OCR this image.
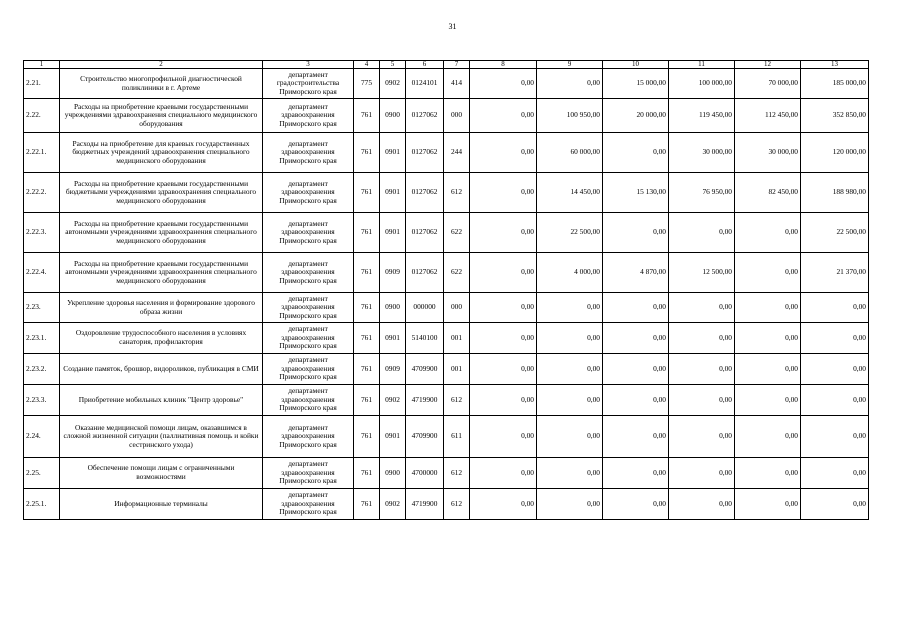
31
1	2	3	4	5	6	7	8	9	10	11	12	13
2.21.	Строительство многопрофильной диагностической поликлиники в г. Артеме	департамент градостроительства Приморского края	775	0902	0124101	414	0,00	0,00	15 000,00	100 000,00	70 000,00	185 000,00
2.22.	Расходы на приобретение краевыми государственными учреждениями здравоохранения специального медицинского оборудования	департамент здравоохранения Приморского края	761	0900	0127062	000	0,00	100 950,00	20 000,00	119 450,00	112 450,00	352 850,00
2.22.1.	Расходы на приобретение для краевых государственных бюджетных учреждений здравоохранения специального медицинского оборудования	департамент здравоохранения Приморского края	761	0901	0127062	244	0,00	60 000,00	0,00	30 000,00	30 000,00	120 000,00
2.22.2.	Расходы на приобретение краевыми государственными бюджетными учреждениями здравоохранения специального медицинского оборудования	департамент здравоохранения Приморского края	761	0901	0127062	612	0,00	14 450,00	15 130,00	76 950,00	82 450,00	188 980,00
2.22.3.	Расходы на приобретение краевыми государственными автономными учреждениями здравоохранения специального медицинского оборудования	департамент здравоохранения Приморского края	761	0901	0127062	622	0,00	22 500,00	0,00	0,00	0,00	22 500,00
2.22.4.	Расходы на приобретение краевыми государственными автономными учреждениями здравоохранения специального медицинского оборудования	департамент здравоохранения Приморского края	761	0909	0127062	622	0,00	4 000,00	4 870,00	12 500,00	0,00	21 370,00
2.23.	Укрепление здоровья населения и формирование здорового образа жизни	департамент здравоохранения Приморского края	761	0900	000000	000	0,00	0,00	0,00	0,00	0,00	0,00
2.23.1.	Оздоровление трудоспособного населения в условиях санатория, профилактория	департамент здравоохранения Приморского края	761	0901	5140100	001	0,00	0,00	0,00	0,00	0,00	0,00
2.23.2.	Создание памяток, брошюр, видороликов, публикация в СМИ	департамент здравоохранения Приморского края	761	0909	4709900	001	0,00	0,00	0,00	0,00	0,00	0,00
2.23.3.	Приобретение мобильных клиник "Центр здоровье"	департамент здравоохранения Приморского края	761	0902	4719900	612	0,00	0,00	0,00	0,00	0,00	0,00
2.24.	Оказание медицинской помощи лицам, оказавшимся в сложной жизненной ситуации (паллиативная помощь и койки сестринского ухода)	департамент здравоохранения Приморского края	761	0901	4709900	611	0,00	0,00	0,00	0,00	0,00	0,00
2.25.	Обеспечение помощи лицам с ограниченными возможностями	департамент здравоохранения Приморского края	761	0900	4700000	612	0,00	0,00	0,00	0,00	0,00	0,00
2.25.1.	Информационные терминалы	департамент здравоохранения Приморского края	761	0902	4719900	612	0,00	0,00	0,00	0,00	0,00	0,00
